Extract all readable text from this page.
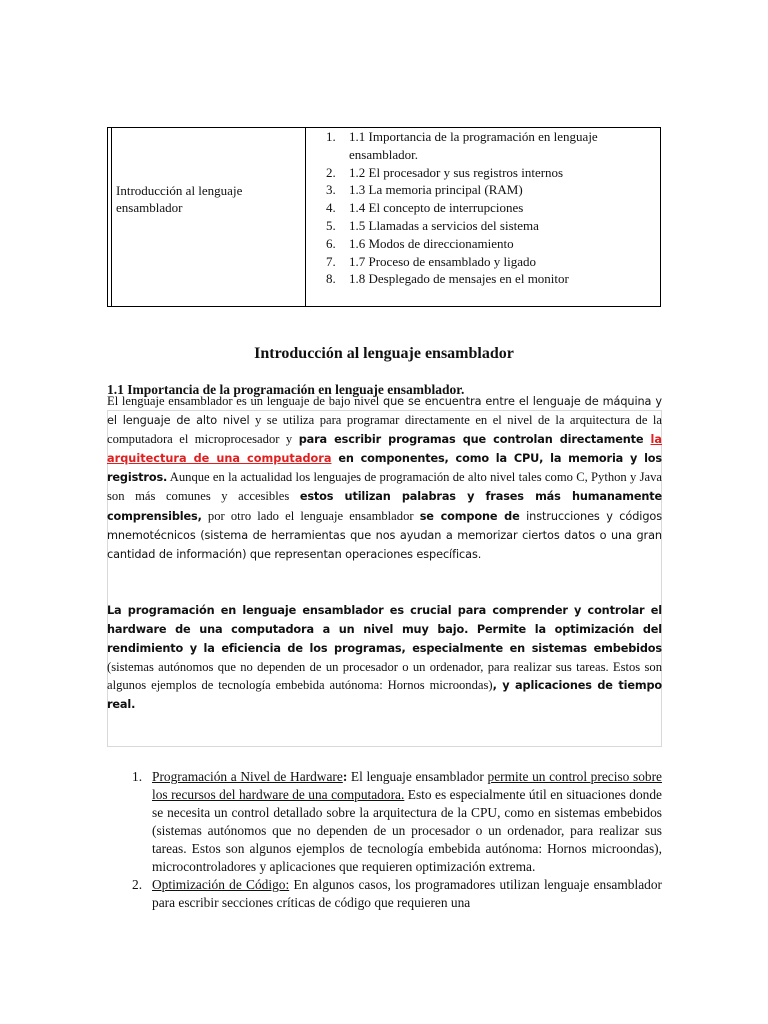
Introducción al lenguaje ensamblador
1. 1.1 Importancia de la programación en lenguaje ensamblador.
2. 1.2 El procesador y sus registros internos
3. 1.3 La memoria principal (RAM)
4. 1.4 El concepto de interrupciones
5. 1.5 Llamadas a servicios del sistema
6. 1.6 Modos de direccionamiento
7. 1.7 Proceso de ensamblado y ligado
8. 1.8 Desplegado de mensajes en el monitor
Introducción al lenguaje ensamblador
1.1 Importancia de la programación en lenguaje ensamblador.
El lenguaje ensamblador es un lenguaje de bajo nivel que se encuentra entre el lenguaje de máquina y el lenguaje de alto nivel y se utiliza para programar directamente en el nivel de la arquitectura de la computadora el microprocesador y para escribir programas que controlan directamente la arquitectura de una computadora en componentes, como la CPU, la memoria y los registros. Aunque en la actualidad los lenguajes de programación de alto nivel tales como C, Python y Java son más comunes y accesibles estos utilizan palabras y frases más humanamente comprensibles, por otro lado el lenguaje ensamblador se compone de instrucciones y códigos mnemotécnicos (sistema de herramientas que nos ayudan a memorizar ciertos datos o una gran cantidad de información) que representan operaciones específicas.
La programación en lenguaje ensamblador es crucial para comprender y controlar el hardware de una computadora a un nivel muy bajo. Permite la optimización del rendimiento y la eficiencia de los programas, especialmente en sistemas embebidos (sistemas autónomos que no dependen de un procesador o un ordenador, para realizar sus tareas. Estos son algunos ejemplos de tecnología embebida autónoma: Hornos microondas), y aplicaciones de tiempo real.
1. Programación a Nivel de Hardware: El lenguaje ensamblador permite un control preciso sobre los recursos del hardware de una computadora. Esto es especialmente útil en situaciones donde se necesita un control detallado sobre la arquitectura de la CPU, como en sistemas embebidos (sistemas autónomos que no dependen de un procesador o un ordenador, para realizar sus tareas. Estos son algunos ejemplos de tecnología embebida autónoma: Hornos microondas), microcontroladores y aplicaciones que requieren optimización extrema.
2. Optimización de Código: En algunos casos, los programadores utilizan lenguaje ensamblador para escribir secciones críticas de código que requieren una
